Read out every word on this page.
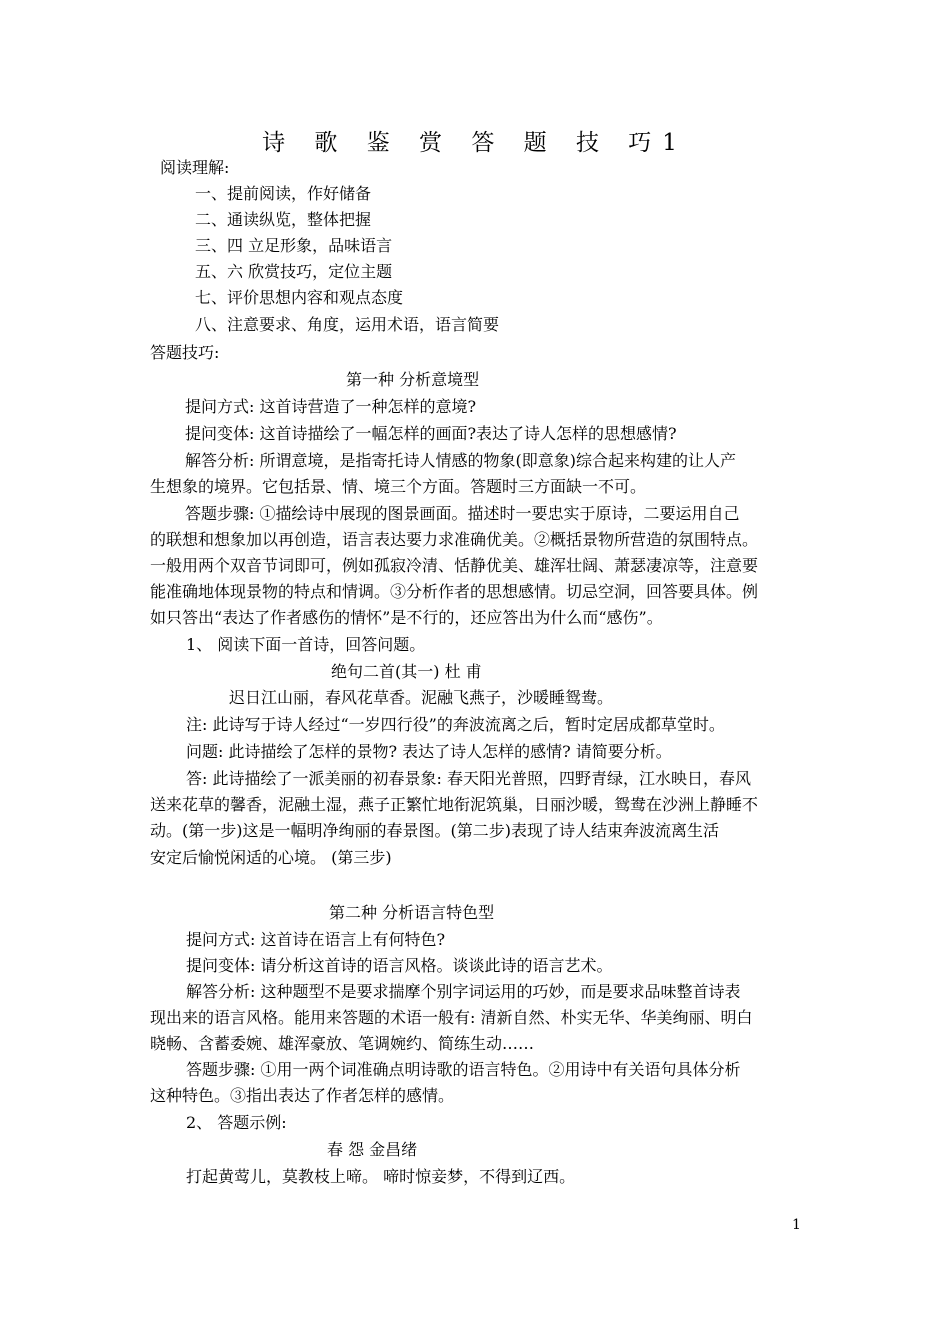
诗 歌 鉴 赏 答 题 技 巧1
阅读理解:
一、提前阅读，作好储备
二、通读纵览，整体把握
三、四 立足形象，品味语言
五、六 欣赏技巧，定位主题
七、评价思想内容和观点态度
八、注意要求、角度，运用术语，语言简要
答题技巧:
第一种 分析意境型
提问方式: 这首诗营造了一种怎样的意境?
提问变体: 这首诗描绘了一幅怎样的画面?表达了诗人怎样的思想感情?
解答分析: 所谓意境，是指寄托诗人情感的物象(即意象)综合起来构建的让人产
生想象的境界。它包括景、情、境三个方面。答题时三方面缺一不可。
答题步骤: ①描绘诗中展现的图景画面。描述时一要忠实于原诗，二要运用自己
的联想和想象加以再创造，语言表达要力求准确优美。②概括景物所营造的氛围特点。
一般用两个双音节词即可，例如孤寂冷清、恬静优美、雄浑壮阔、萧瑟凄凉等，注意要
能准确地体现景物的特点和情调。③分析作者的思想感情。切忌空洞，回答要具体。例
如只答出“表达了作者感伤的情怀”是不行的，还应答出为什么而“感伤”。
1、 阅读下面一首诗，回答问题。
绝句二首(其一) 杜 甫
迟日江山丽，春风花草香。泥融飞燕子，沙暖睡鸳鸯。
注: 此诗写于诗人经过“一岁四行役”的奔波流离之后，暂时定居成都草堂时。
问题: 此诗描绘了怎样的景物? 表达了诗人怎样的感情? 请简要分析。
答: 此诗描绘了一派美丽的初春景象: 春天阳光普照，四野青绿，江水映日，春风
送来花草的馨香，泥融土湿，燕子正繁忙地衔泥筑巢，日丽沙暖，鸳鸯在沙洲上静睡不
动。(第一步)这是一幅明净绚丽的春景图。(第二步)表现了诗人结束奔波流离生活
安定后愉悦闲适的心境。 (第三步)
第二种 分析语言特色型
提问方式: 这首诗在语言上有何特色?
提问变体: 请分析这首诗的语言风格。谈谈此诗的语言艺术。
解答分析: 这种题型不是要求揣摩个别字词运用的巧妙，而是要求品味整首诗表
现出来的语言风格。能用来答题的术语一般有: 清新自然、朴实无华、华美绚丽、明白
晓畅、含蓄委婉、雄浑豪放、笔调婉约、简练生动……
答题步骤: ①用一两个词准确点明诗歌的语言特色。②用诗中有关语句具体分析
这种特色。③指出表达了作者怎样的感情。
2、 答题示例:
春 怨 金昌绪
打起黄莺儿，莫教枝上啼。 啼时惊妾梦，不得到辽西。
1
